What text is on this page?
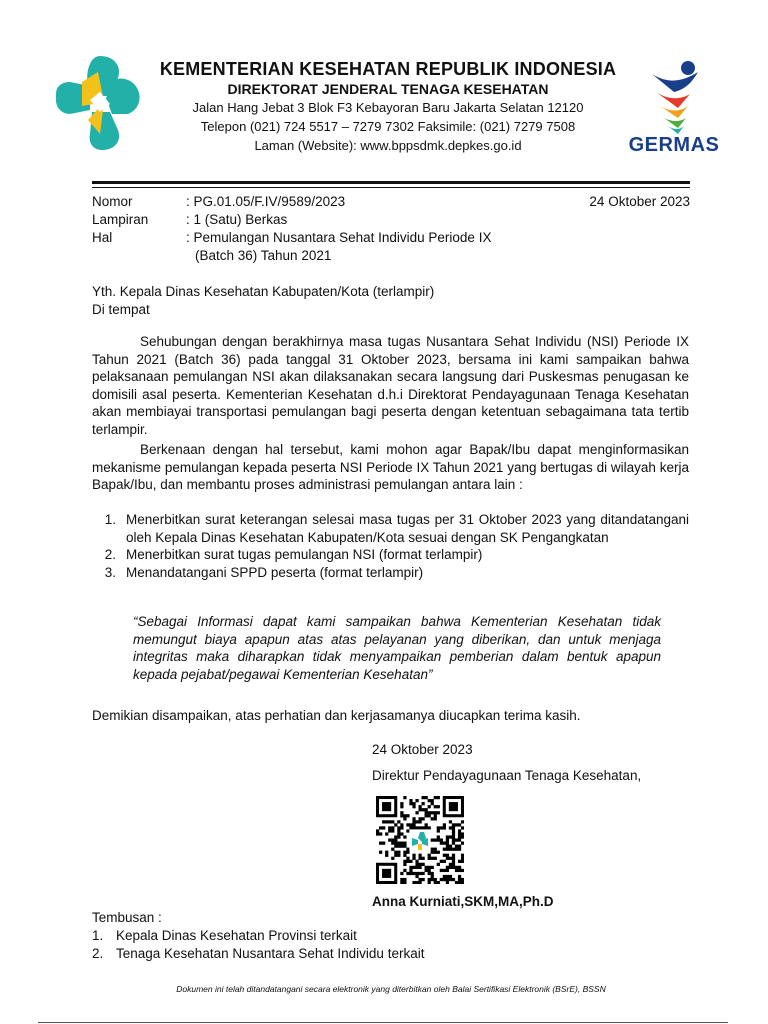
KEMENTERIAN KESEHATAN REPUBLIK INDONESIA
DIREKTORAT JENDERAL TENAGA KESEHATAN
Jalan Hang Jebat 3 Blok F3 Kebayoran Baru Jakarta Selatan 12120
Telepon (021) 724 5517 – 7279 7302 Faksimile: (021) 7279 7508
Laman (Website): www.bppsdmk.depkes.go.id	GERMAS
Nomor	: PG.01.05/F.IV/9589/2023	24 Oktober 2023
Lampiran	: 1 (Satu) Berkas
Hal	: Pemulangan Nusantara Sehat Individu Periode IX
(Batch 36) Tahun 2021
Yth. Kepala Dinas Kesehatan Kabupaten/Kota (terlampir)
Di tempat
Sehubungan dengan berakhirnya masa tugas Nusantara Sehat Individu (NSI) Periode IX Tahun 2021 (Batch 36) pada tanggal 31 Oktober 2023, bersama ini kami sampaikan bahwa pelaksanaan pemulangan NSI akan dilaksanakan secara langsung dari Puskesmas penugasan ke domisili asal peserta. Kementerian Kesehatan d.h.i Direktorat Pendayagunaan Tenaga Kesehatan akan membiayai transportasi pemulangan bagi peserta dengan ketentuan sebagaimana tata tertib terlampir.
Berkenaan dengan hal tersebut, kami mohon agar Bapak/Ibu dapat menginformasikan mekanisme pemulangan kepada peserta NSI Periode IX Tahun 2021 yang bertugas di wilayah kerja Bapak/Ibu, dan membantu proses administrasi pemulangan antara lain :
1. Menerbitkan surat keterangan selesai masa tugas per 31 Oktober 2023 yang ditandatangani oleh Kepala Dinas Kesehatan Kabupaten/Kota sesuai dengan SK Pengangkatan
2. Menerbitkan surat tugas pemulangan NSI (format terlampir)
3. Menandatangani SPPD peserta (format terlampir)
“Sebagai Informasi dapat kami sampaikan bahwa Kementerian Kesehatan tidak memungut biaya apapun atas atas pelayanan yang diberikan, dan untuk menjaga integritas maka diharapkan tidak menyampaikan pemberian dalam bentuk apapun kepada pejabat/pegawai Kementerian Kesehatan”
Demikian disampaikan, atas perhatian dan kerjasamanya diucapkan terima kasih.
24 Oktober 2023
Direktur Pendayagunaan Tenaga Kesehatan,
Anna Kurniati,SKM,MA,Ph.D
Tembusan :
1. Kepala Dinas Kesehatan Provinsi terkait
2. Tenaga Kesehatan Nusantara Sehat Individu terkait
Dokumen ini telah ditandatangani secara elektronik yang diterbitkan oleh Balai Sertifikasi Elektronik (BSrE), BSSN
